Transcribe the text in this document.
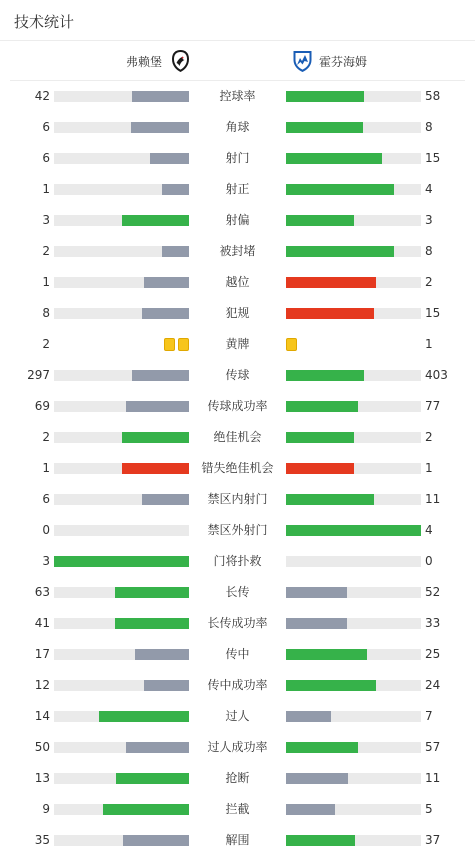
技术统计
弗赖堡	霍芬海姆
42	控球率	58
6	角球	8
6	射门	15
1	射正	4
3	射偏	3
2	被封堵	8
1	越位	2
8	犯规	15
2	黄牌	1
297	传球	403
69	传球成功率	77
2	绝佳机会	2
1	错失绝佳机会	1
6	禁区内射门	11
0	禁区外射门	4
3	门将扑救	0
63	长传	52
41	长传成功率	33
17	传中	25
12	传中成功率	24
14	过人	7
50	过人成功率	57
13	抢断	11
9	拦截	5
35	解围	37
